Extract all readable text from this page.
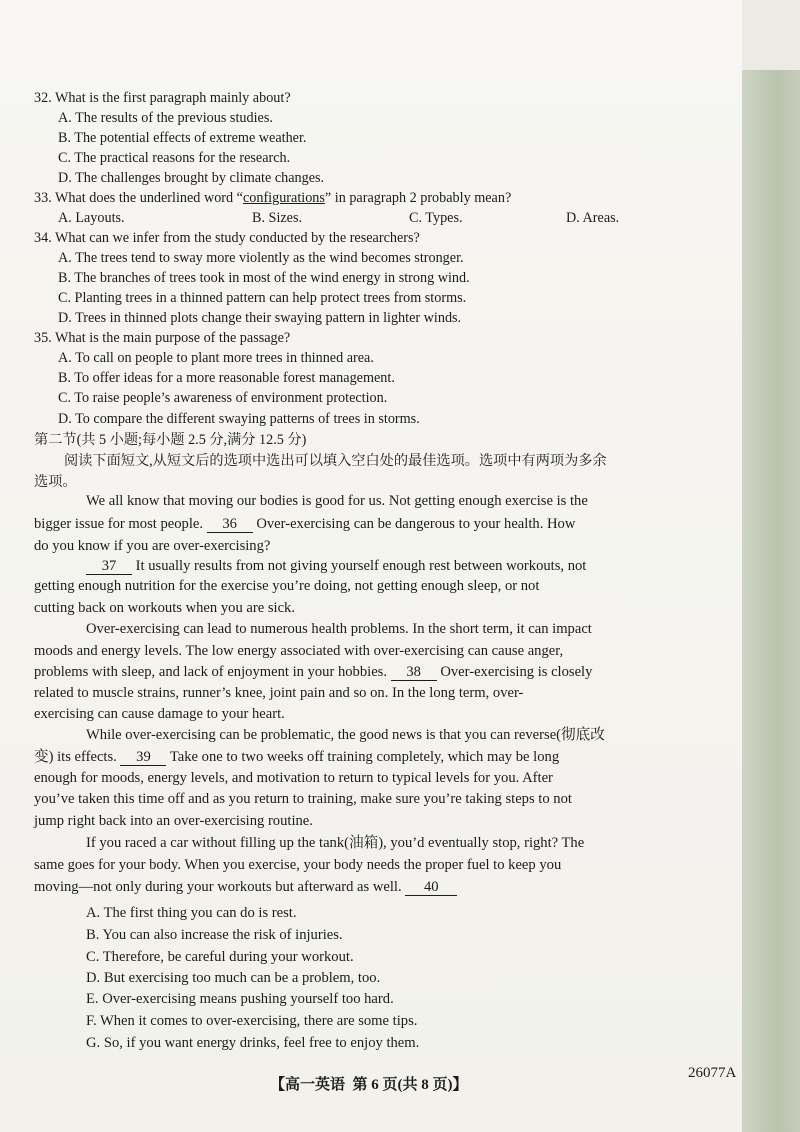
32. What is the first paragraph mainly about?
A. The results of the previous studies.
B. The potential effects of extreme weather.
C. The practical reasons for the research.
D. The challenges brought by climate changes.
33. What does the underlined word “configurations” in paragraph 2 probably mean?
A. Layouts.	B. Sizes.	C. Types.	D. Areas.
34. What can we infer from the study conducted by the researchers?
A. The trees tend to sway more violently as the wind becomes stronger.
B. The branches of trees took in most of the wind energy in strong wind.
C. Planting trees in a thinned pattern can help protect trees from storms.
D. Trees in thinned plots change their swaying pattern in lighter winds.
35. What is the main purpose of the passage?
A. To call on people to plant more trees in thinned area.
B. To offer ideas for a more reasonable forest management.
C. To raise people’s awareness of environment protection.
D. To compare the different swaying patterns of trees in storms.
第二节(共 5 小题;每小题 2.5 分,满分 12.5 分)
阅读下面短文,从短文后的选项中选出可以填入空白处的最佳选项。选项中有两项为多余
选项。
We all know that moving our bodies is good for us. Not getting enough exercise is the
bigger issue for most people. 36 Over-exercising can be dangerous to your health. How
do you know if you are over-exercising?
37 It usually results from not giving yourself enough rest between workouts, not
getting enough nutrition for the exercise you’re doing, not getting enough sleep, or not
cutting back on workouts when you are sick.
Over-exercising can lead to numerous health problems. In the short term, it can impact
moods and energy levels. The low energy associated with over-exercising can cause anger,
problems with sleep, and lack of enjoyment in your hobbies. 38 Over-exercising is closely
related to muscle strains, runner’s knee, joint pain and so on. In the long term, over-
exercising can cause damage to your heart.
While over-exercising can be problematic, the good news is that you can reverse(彻底改
变) its effects. 39 Take one to two weeks off training completely, which may be long
enough for moods, energy levels, and motivation to return to typical levels for you. After
you’ve taken this time off and as you return to training, make sure you’re taking steps to not
jump right back into an over-exercising routine.
If you raced a car without filling up the tank(油箱), you’d eventually stop, right? The
same goes for your body. When you exercise, your body needs the proper fuel to keep you
moving—not only during your workouts but afterward as well. 40
A. The first thing you can do is rest.
B. You can also increase the risk of injuries.
C. Therefore, be careful during your workout.
D. But exercising too much can be a problem, too.
E. Over-exercising means pushing yourself too hard.
F. When it comes to over-exercising, there are some tips.
G. So, if you want energy drinks, feel free to enjoy them.
【高一英语 第 6 页(共 8 页)】
26077A
